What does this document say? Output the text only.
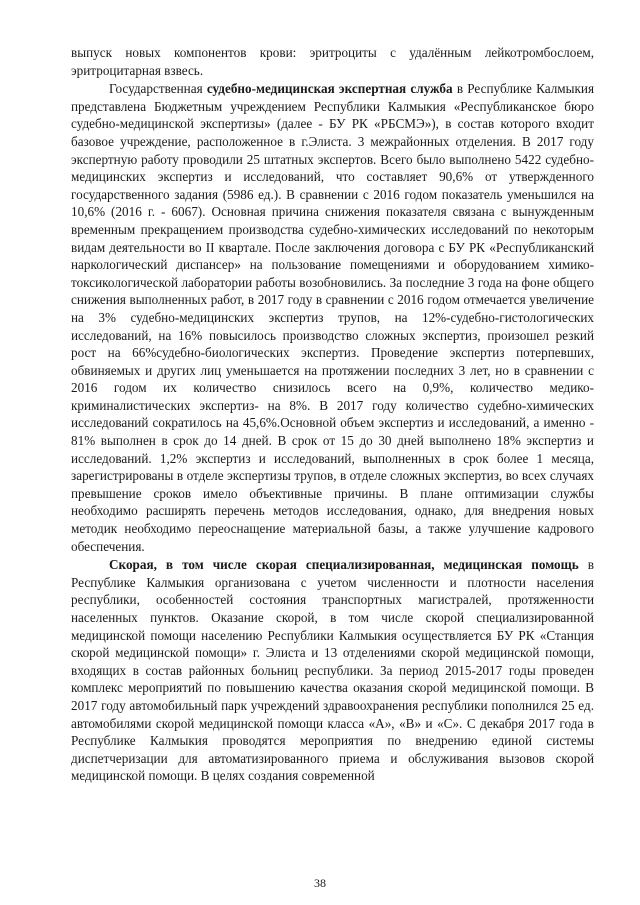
выпуск новых компонентов крови: эритроциты с удалённым лейкотромбослоем, эритроцитарная взвесь.

Государственная судебно-медицинская экспертная служба в Республике Калмыкия представлена Бюджетным учреждением Республики Калмыкия «Республиканское бюро судебно-медицинской экспертизы» (далее - БУ РК «РБСМЭ»), в состав которого входит базовое учреждение, расположенное в г.Элиста. 3 межрайонных отделения. В 2017 году экспертную работу проводили 25 штатных экспертов. Всего было выполнено 5422 судебно-медицинских экспертиз и исследований, что составляет 90,6% от утвержденного государственного задания (5986 ед.). В сравнении с 2016 годом показатель уменьшился на 10,6% (2016 г. - 6067). Основная причина снижения показателя связана с вынужденным временным прекращением производства судебно-химических исследований по некоторым видам деятельности во II квартале. После заключения договора с БУ РК «Республиканский наркологический диспансер» на пользование помещениями и оборудованием химико-токсикологической лаборатории работы возобновились. За последние 3 года на фоне общего снижения выполненных работ, в 2017 году в сравнении с 2016 годом отмечается увеличение на 3% судебно-медицинских экспертиз трупов, на 12%-судебно-гистологических исследований, на 16% повысилось производство сложных экспертиз, произошел резкий рост на 66%судебно-биологических экспертиз. Проведение экспертиз потерпевших, обвиняемых и других лиц уменьшается на протяжении последних 3 лет, но в сравнении с 2016 годом их количество снизилось всего на 0,9%, количество медико-криминалистических экспертиз- на 8%. В 2017 году количество судебно-химических исследований сократилось на 45,6%.Основной объем экспертиз и исследований, а именно - 81% выполнен в срок до 14 дней. В срок от 15 до 30 дней выполнено 18% экспертиз и исследований. 1,2% экспертиз и исследований, выполненных в срок более 1 месяца, зарегистрированы в отделе экспертизы трупов, в отделе сложных экспертиз, во всех случаях превышение сроков имело объективные причины. В плане оптимизации службы необходимо расширять перечень методов исследования, однако, для внедрения новых методик необходимо переоснащение материальной базы, а также улучшение кадрового обеспечения.

Скорая, в том числе скорая специализированная, медицинская помощь в Республике Калмыкия организована с учетом численности и плотности населения республики, особенностей состояния транспортных магистралей, протяженности населенных пунктов. Оказание скорой, в том числе скорой специализированной медицинской помощи населению Республики Калмыкия осуществляется БУ РК «Станция скорой медицинской помощи» г. Элиста и 13 отделениями скорой медицинской помощи, входящих в состав районных больниц республики. За период 2015-2017 годы проведен комплекс мероприятий по повышению качества оказания скорой медицинской помощи. В 2017 году автомобильный парк учреждений здравоохранения республики пополнился 25 ед. автомобилями скорой медицинской помощи класса «А», «В» и «С». С декабря 2017 года в Республике Калмыкия проводятся мероприятия по внедрению единой системы диспетчеризации для автоматизированного приема и обслуживания вызовов скорой медицинской помощи. В целях создания современной

38
